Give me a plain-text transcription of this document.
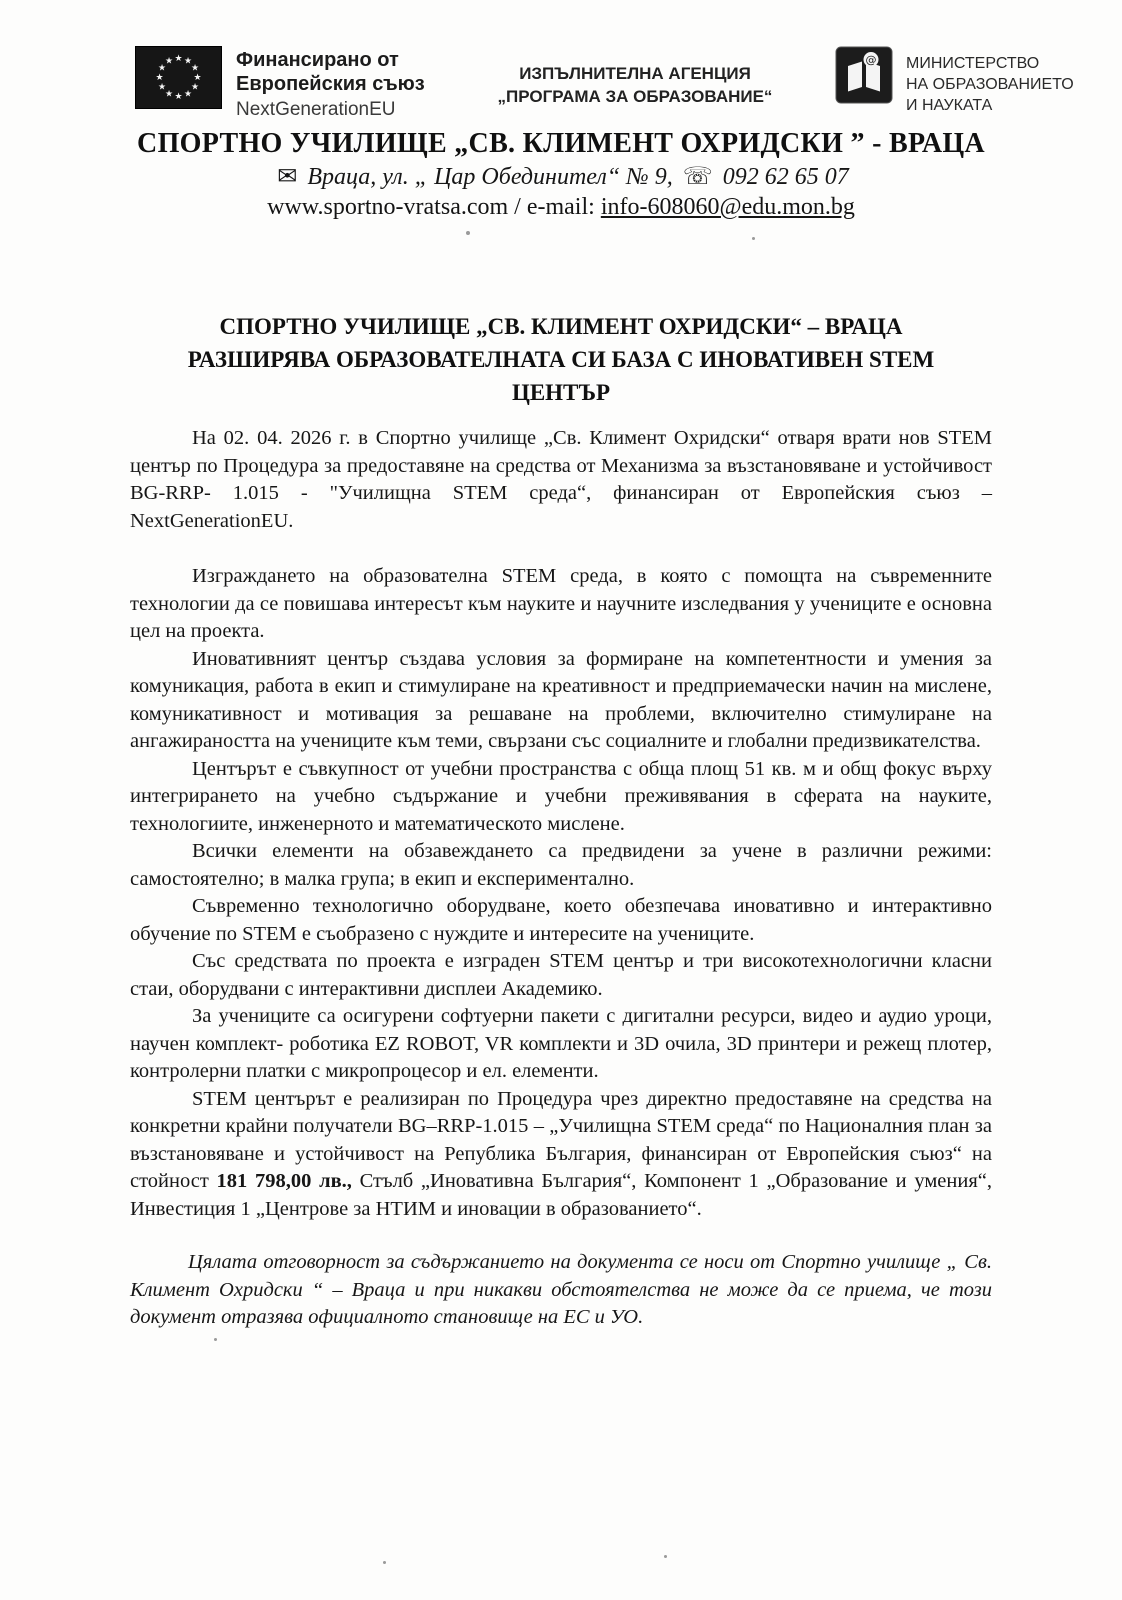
★ ★
★
★
★
★
★
★
★
★
★
★	Финансирано от
Европейския съюз
NextGenerationEU
ИЗПЪЛНИТЕЛНА АГЕНЦИЯ
„ПРОГРАМА ЗА ОБРАЗОВАНИЕ“
@ МИНИСТЕРСТВО
НА ОБРАЗОВАНИЕТО
И НАУКАТА
СПОРТНО УЧИЛИЩЕ „СВ. КЛИМЕНТ ОХРИДСКИ ” - ВРАЦА
✉ Враца, ул. „ Цар Обединител“ № 9, ☏ 092 62 65 07
www.sportno-vratsa.com / e-mail: info-608060@edu.mon.bg
СПОРТНО УЧИЛИЩЕ „СВ. КЛИМЕНТ ОХРИДСКИ“ – ВРАЦА
РАЗШИРЯВА ОБРАЗОВАТЕЛНАТА СИ БАЗА С ИНОВАТИВЕН STEM
ЦЕНТЪР

На 02. 04. 2026 г. в Спортно училище „Св. Климент Охридски“ отваря врати нов STEM център по Процедура за предоставяне на средства от Механизма за възстановяване и устойчивост BG-RRP- 1.015 - "Училищна STEM среда“, финансиран от Европейския съюз – NextGenerationEU.

Изграждането на образователна STEM среда, в която с помощта на съвременните технологии да се повишава интересът към науките и научните изследвания у учениците е основна цел на проекта.

Иновативният център създава условия за формиране на компетентности и умения за комуникация, работа в екип и стимулиране на креативност и предприемачески начин на мислене, комуникативност и мотивация за решаване на проблеми, включително стимулиране на ангажираността на учениците към теми, свързани със социалните и глобални предизвикателства.

Центърът е съвкупност от учебни пространства с обща площ 51 кв. м и общ фокус върху интегрирането на учебно съдържание и учебни преживявания в сферата на науките, технологиите, инженерното и математическото мислене.

Всички елементи на обзавеждането са предвидени за учене в различни режими: самостоятелно; в малка група; в екип и експериментално.

Съвременно технологично оборудване, което обезпечава иновативно и интерактивно обучение по STEM е съобразено с нуждите и интересите на учениците.

Със средствата по проекта е изграден STEM център и три високотехнологични класни стаи, оборудвани с интерактивни дисплеи Академико.

За учениците са осигурени софтуерни пакети с дигитални ресурси, видео и аудио уроци, научен комплект- роботика EZ ROBOT, VR комплекти и 3D очила, 3D принтери и режещ плотер, контролерни платки с микропроцесор и ел. елементи.

STEM центърът е реализиран по Процедура чрез директно предоставяне на средства на конкретни крайни получатели BG–RRP-1.015 – „Училищна STEM среда“ по Националния план за възстановяване и устойчивост на Република България, финансиран от Европейския съюз“ на стойност 181 798,00 лв., Стълб „Иновативна България“, Компонент 1 „Образование и умения“, Инвестиция 1 „Центрове за НТИМ и иновации в образованието“.

Цялата отговорност за съдържанието на документа се носи от Спортно училище „ Св. Климент Охридски “ – Враца и при никакви обстоятелства не може да се приема, че този документ отразява официалното становище на ЕС и УО.
